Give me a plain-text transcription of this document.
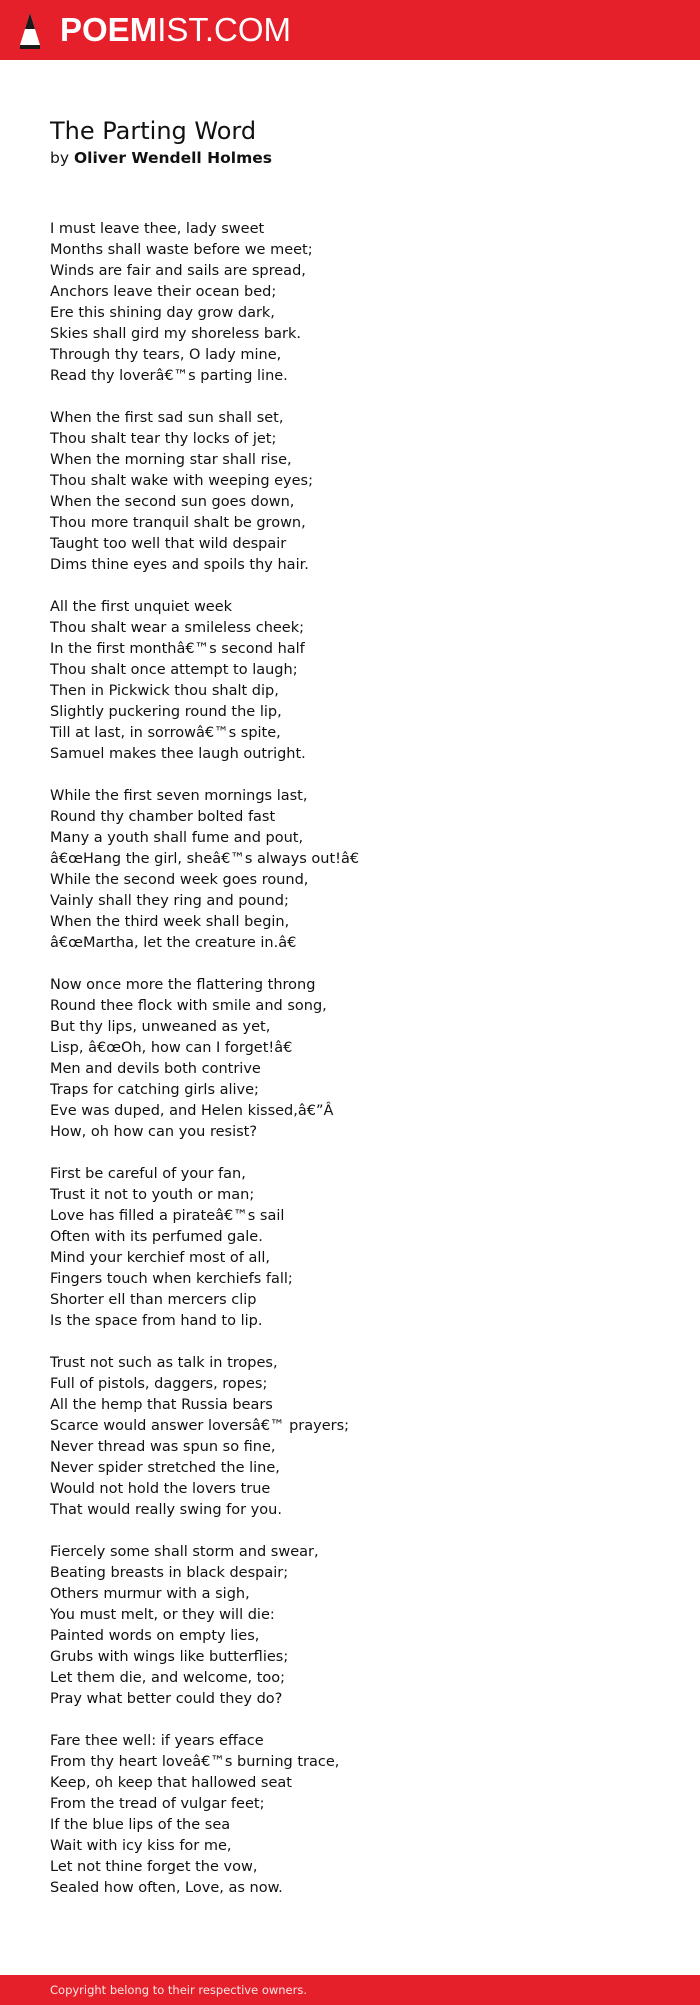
POEMIST.COM
The Parting Word
by Oliver Wendell Holmes
I must leave thee, lady sweet
Months shall waste before we meet;
Winds are fair and sails are spread,
Anchors leave their ocean bed;
Ere this shining day grow dark,
Skies shall gird my shoreless bark.
Through thy tears, O lady mine,
Read thy loverâ€™s parting line.
When the first sad sun shall set,
Thou shalt tear thy locks of jet;
When the morning star shall rise,
Thou shalt wake with weeping eyes;
When the second sun goes down,
Thou more tranquil shalt be grown,
Taught too well that wild despair
Dims thine eyes and spoils thy hair.
All the first unquiet week
Thou shalt wear a smileless cheek;
In the first monthâ€™s second half
Thou shalt once attempt to laugh;
Then in Pickwick thou shalt dip,
Slightly puckering round the lip,
Till at last, in sorrowâ€™s spite,
Samuel makes thee laugh outright.
While the first seven mornings last,
Round thy chamber bolted fast
Many a youth shall fume and pout,
â€œHang the girl, sheâ€™s always out!â€
While the second week goes round,
Vainly shall they ring and pound;
When the third week shall begin,
â€œMartha, let the creature in.â€
Now once more the flattering throng
Round thee flock with smile and song,
But thy lips, unweaned as yet,
Lisp, â€œOh, how can I forget!â€
Men and devils both contrive
Traps for catching girls alive;
Eve was duped, and Helen kissed,â€”Â
How, oh how can you resist?
First be careful of your fan,
Trust it not to youth or man;
Love has filled a pirateâ€™s sail
Often with its perfumed gale.
Mind your kerchief most of all,
Fingers touch when kerchiefs fall;
Shorter ell than mercers clip
Is the space from hand to lip.
Trust not such as talk in tropes,
Full of pistols, daggers, ropes;
All the hemp that Russia bears
Scarce would answer loversâ€™ prayers;
Never thread was spun so fine,
Never spider stretched the line,
Would not hold the lovers true
That would really swing for you.
Fiercely some shall storm and swear,
Beating breasts in black despair;
Others murmur with a sigh,
You must melt, or they will die:
Painted words on empty lies,
Grubs with wings like butterflies;
Let them die, and welcome, too;
Pray what better could they do?
Fare thee well: if years efface
From thy heart loveâ€™s burning trace,
Keep, oh keep that hallowed seat
From the tread of vulgar feet;
If the blue lips of the sea
Wait with icy kiss for me,
Let not thine forget the vow,
Sealed how often, Love, as now.
Copyright belong to their respective owners.
